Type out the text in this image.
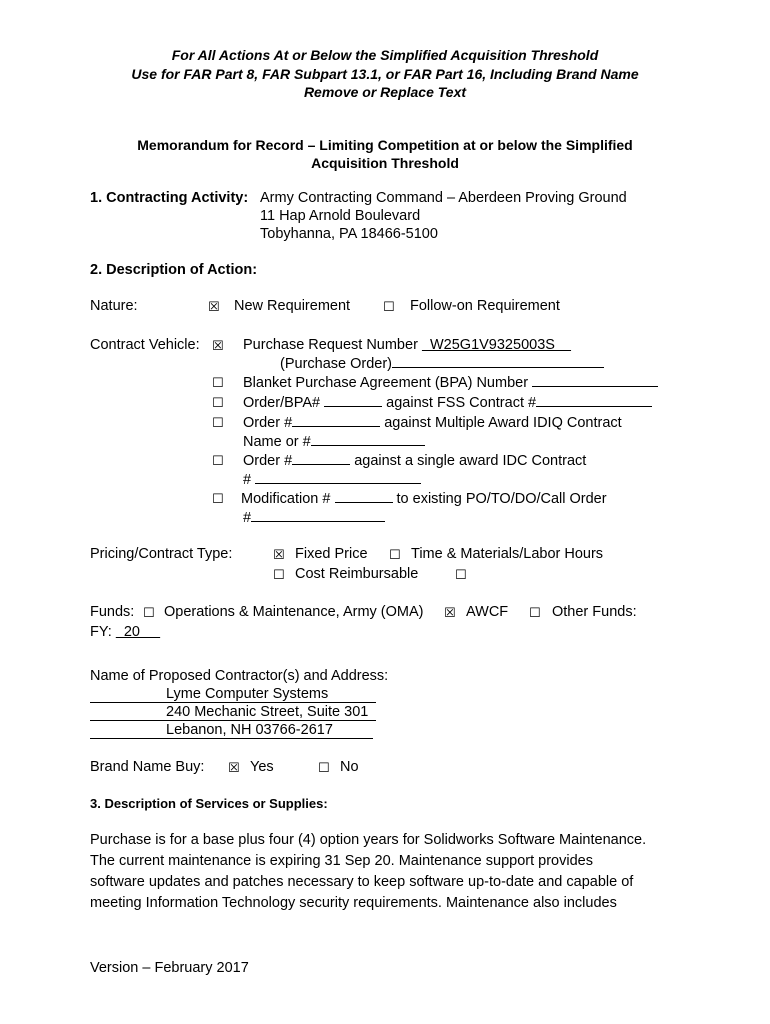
For All Actions At or Below the Simplified Acquisition Threshold
Use for FAR Part 8, FAR Subpart 13.1, or FAR Part 16, Including Brand Name
Remove or Replace Text
Memorandum for Record – Limiting Competition at or below the Simplified
Acquisition Threshold
1. Contracting Activity: Army Contracting Command – Aberdeen Proving Ground
11 Hap Arnold Boulevard
Tobyhanna, PA 18466-5100
2. Description of Action:
Nature:	☒ New Requirement	☐ Follow-on Requirement
Contract Vehicle: ☒ Purchase Request Number   W25G1V9325003S
(Purchase Order)
☐ Blanket Purchase Agreement (BPA) Number
☐ Order/BPA#	against FSS Contract #
☐ Order #	against Multiple Award IDIQ Contract
Name or #
☐ Order #	against a single award IDC Contract
#
☐ Modification #	to existing PO/TO/DO/Call Order
#
Pricing/Contract Type:	☒ Fixed Price ☐ Time & Materials/Labor Hours
☐ Cost Reimbursable	☐
Funds: ☐ Operations & Maintenance, Army (OMA) ☒ AWCF ☐ Other Funds:
FY:   20
Name of Proposed Contractor(s) and Address:
Lyme Computer Systems
240 Mechanic Street, Suite 301
Lebanon, NH 03766-2617
Brand Name Buy: ☒ Yes	☐ No
3. Description of Services or Supplies:
Purchase is for a base plus four (4) option years for Solidworks Software Maintenance.
The current maintenance is expiring 31 Sep 20. Maintenance support provides
software updates and patches necessary to keep software up-to-date and capable of
meeting Information Technology security requirements. Maintenance also includes
Version – February 2017
